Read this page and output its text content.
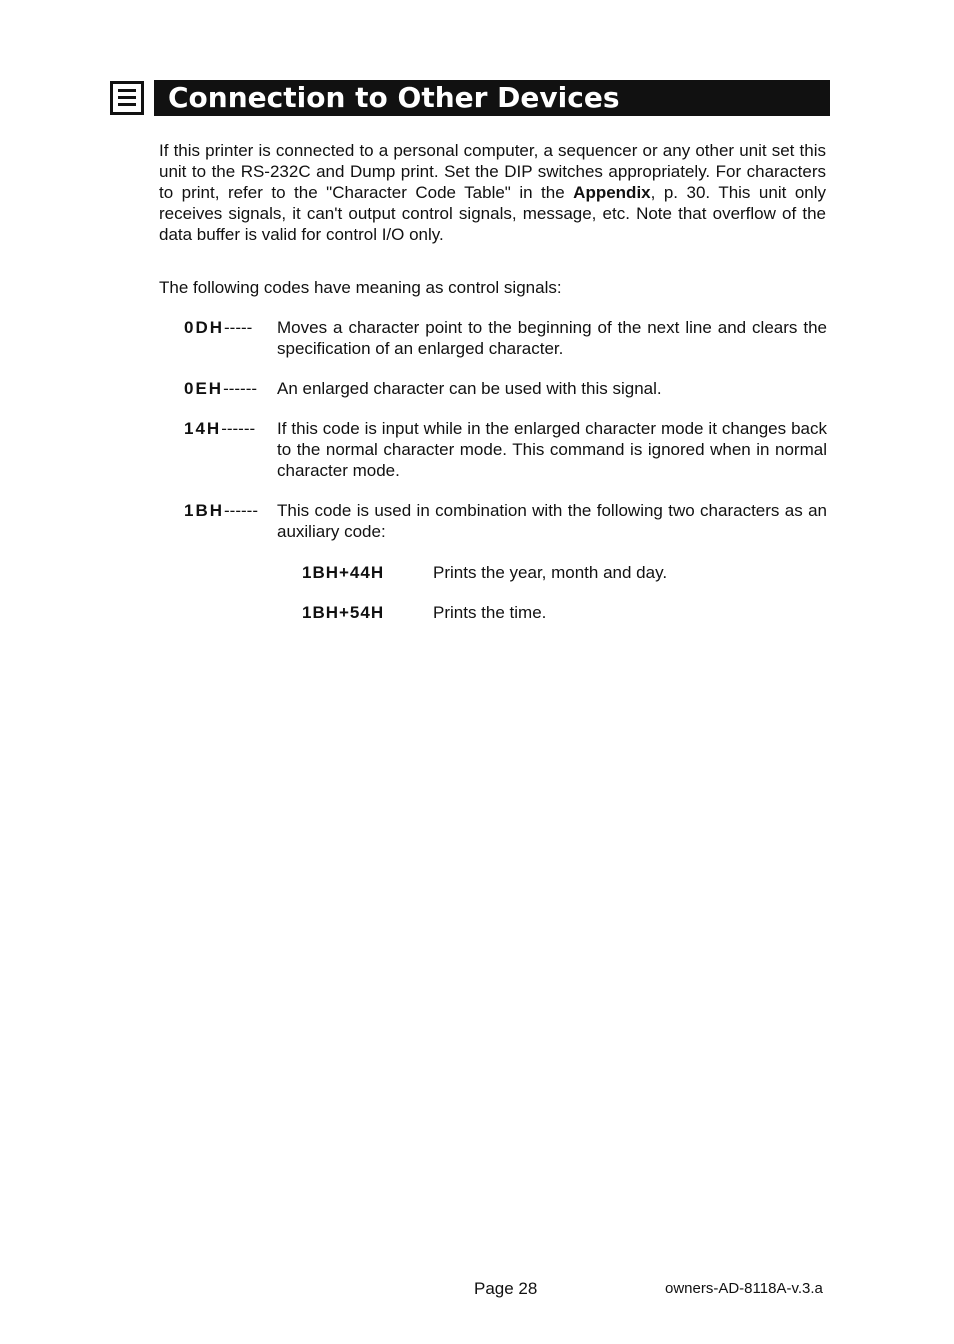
Connection to Other Devices

If this printer is connected to a personal computer, a sequencer or any other unit set this unit to the RS-232C and Dump print. Set the DIP switches appropriately. For characters to print, refer to the "Character Code Table" in the Appendix, p. 30. This unit only receives signals, it can't output control signals, message, etc. Note that overflow of the data buffer is valid for control I/O only.

The following codes have meaning as control signals:

0DH----- Moves a character point to the beginning of the next line and clears the specification of an enlarged character.
0EH------ An enlarged character can be used with this signal.
14H------ If this code is input while in the enlarged character mode it changes back to the normal character mode. This command is ignored when in normal character mode.
1BH------ This code is used in combination with the following two characters as an auxiliary code:
1BH+44H	Prints the year, month and day.
1BH+54H	Prints the time.
Page 28	owners-AD-8118A-v.3.a
